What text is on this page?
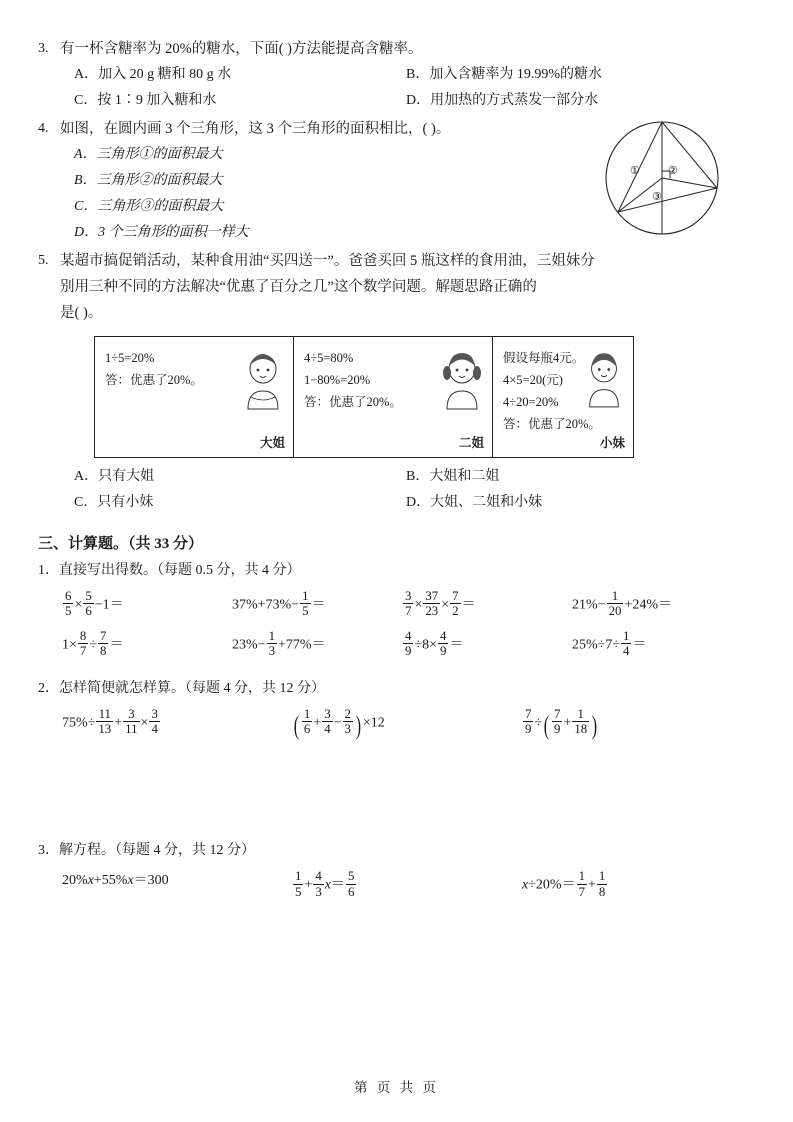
3. 有一杯含糖率为 20%的糖水，下面( )方法能提高含糖率。
A．加入 20 g 糖和 80 g 水	B．加入含糖率为 19.99%的糖水
C．按 1∶9 加入糖和水	D．用加热的方式蒸发一部分水
4. 如图，在圆内画 3 个三角形，这 3 个三角形的面积相比，( )。
A．三角形①的面积最大
B．三角形②的面积最大
C．三角形③的面积最大
D．3 个三角形的面积一样大
①	②
③
5. 某超市搞促销活动，某种食用油“买四送一”。爸爸买回 5 瓶这样的食用油，三姐妹分
别用三种不同的方法解决“优惠了百分之几”这个数学问题。解题思路正确的
是( )。
1÷5=20%
答：优惠了20%。
大姐

4÷5=80%
1−80%=20%
答：优惠了20%。
二姐

假设每瓶4元。
4×5=20(元)
4÷20=20%
答：优惠了20%。
小妹
A．只有大姐	B．大姐和二姐
C．只有小妹	D．大姐、二姐和小妹
三、计算题。（共 33 分）
1．直接写出得数。（每题 0.5 分，共 4 分）
$\frac{6}{5} \times \frac{5}{6} -1=$	$37\%+73\%- \frac{1}{5}$ ＝	$\frac{3}{7} \times \frac{37}{23} \times \frac{7}{2}$ ＝	$21\%- \frac{1}{20} +24\%=$
$1\times \frac{8}{7} \div \frac{7}{8}$ ＝	$23\%- \frac{1}{3} +77\%=$	$\frac{4}{9} \div 8\times \frac{4}{9}$ ＝	$25\%\div 7\div \frac{1}{4}$ ＝
2．怎样简便就怎样算。（每题 4 分，共 12 分）
$75\%\div \frac{11}{13} + \frac{3}{11} \times \frac{3}{4}$	( $\frac{1}{6} + \frac{3}{4} - \frac{2}{3}$ ) ×12	$\frac{7}{9}$ ÷( $\frac{7}{9} + \frac{1}{18}$ )
3．解方程。（每题 4 分，共 12 分）
20%x+55%x＝300	$\frac{1}{5} + \frac{4}{3} x= \frac{5}{6}$	$x\div 20\%= \frac{1}{7} + \frac{1}{8}$
第 页 共 页
